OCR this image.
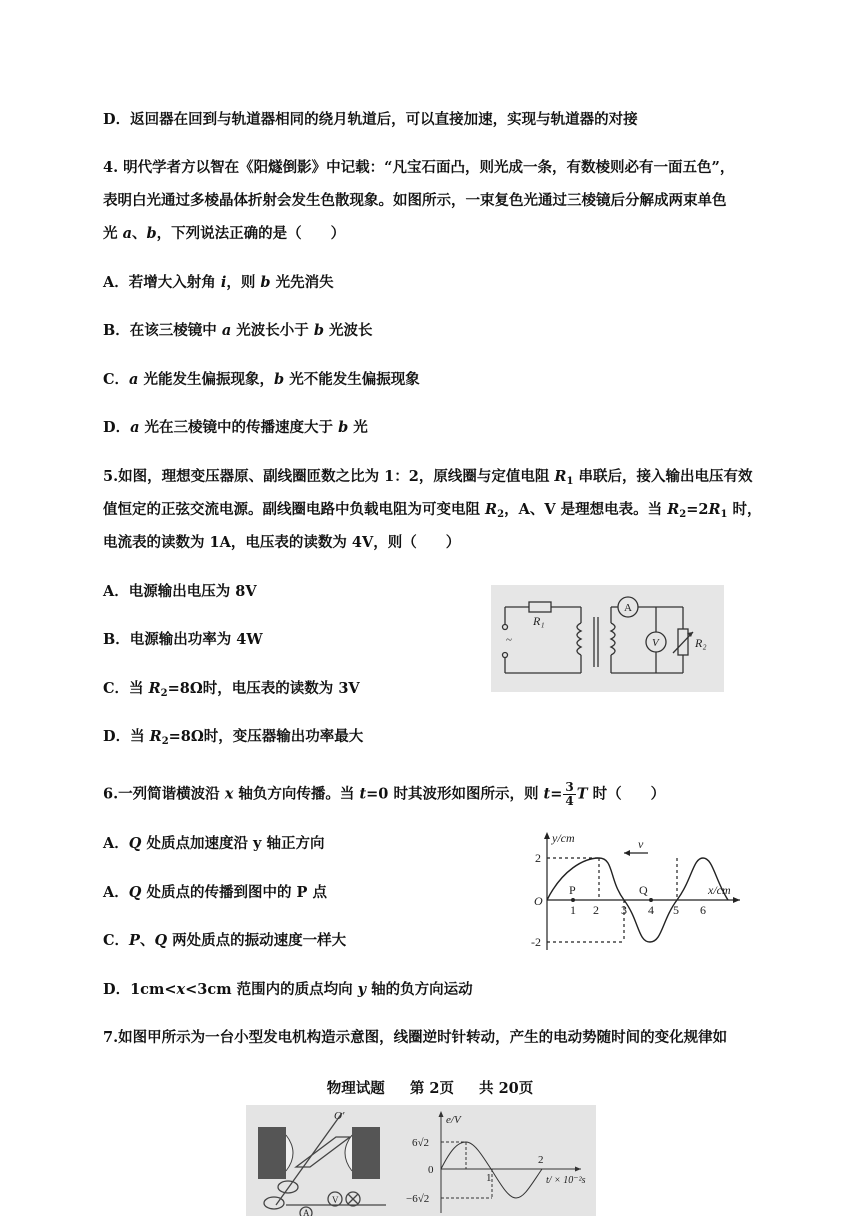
D．返回器在回到与轨道器相同的绕月轨道后，可以直接加速，实现与轨道器的对接
4. 明代学者方以智在《阳燧倒影》中记载：“凡宝石面凸，则光成一条，有数棱则必有一面五色”，
表明白光通过多棱晶体折射会发生色散现象。如图所示，一束复色光通过三棱镜后分解成两束单色
光 a、b，下列说法正确的是（　　）
A．若增大入射角 i，则 b 光先消失
B．在该三棱镜中 a 光波长小于 b 光波长
C．a 光能发生偏振现象，b 光不能发生偏振现象
D．a 光在三棱镜中的传播速度大于 b 光
5.如图，理想变压器原、副线圈匝数之比为 1：2，原线圈与定值电阻 $R_1$ 串联后，接入输出电压有效
值恒定的正弦交流电源。副线圈电路中负载电阻为可变电阻 $R_2$，A、V 是理想电表。当 $R_2=2R_1$ 时，
电流表的读数为 1A，电压表的读数为 4V，则（　　）
A．电源输出电压为 8V
B．电源输出功率为 4W
C．当 $R_2=8\Omega$时，电压表的读数为 3V
D．当 $R_2=8\Omega$时，变压器输出功率最大
~
R₁
A
V	R₂
6.一列简谐横波沿 x 轴负方向传播。当 t=0 时其波形如图所示，则 $t= \frac{3}{4}$ T 时（　　）
A．Q 处质点加速度沿 y 轴正方向
A．Q 处质点的传播到图中的 P 点
C．P、Q 两处质点的振动速度一样大
D．1cm<x<3cm 范围内的质点均向 y 轴的负方向运动
y/cm
x/cm
v
O
2
-2
P	Q
1 2 3 4 5 6
7.如图甲所示为一台小型发电机构造示意图，线圈逆时针转动，产生的电动势随时间的变化规律如
物理试题 第 2页 共 20页
O′
V
A
e/V
6√2
0
−6√2
1
2
t/ × 10⁻²s
